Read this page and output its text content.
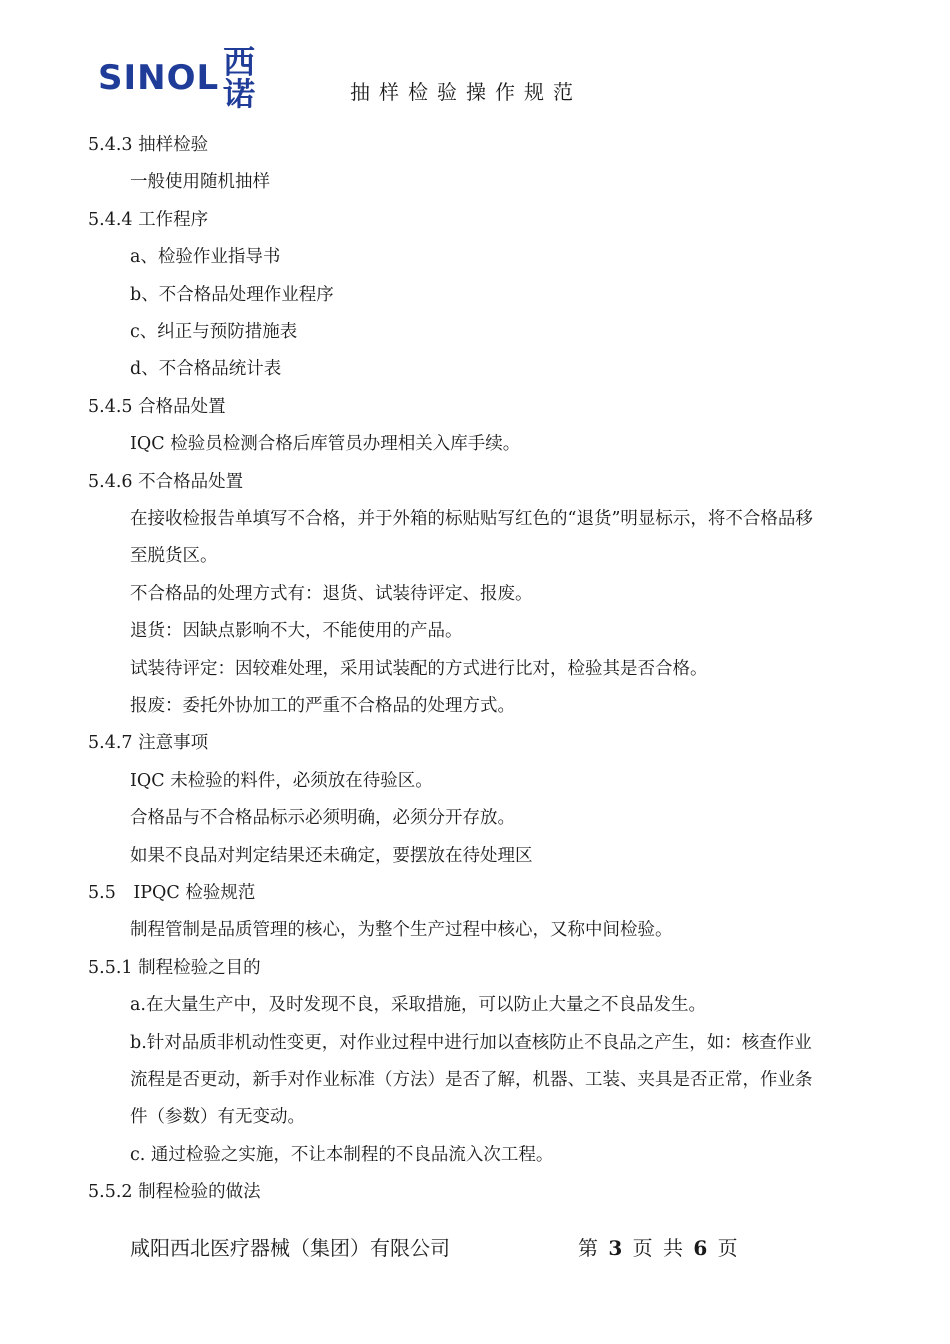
SINOL 西诺	抽样检验操作规范
5.4.3 抽样检验
一般使用随机抽样
5.4.4 工作程序
a、检验作业指导书
b、不合格品处理作业程序
c、纠正与预防措施表
d、不合格品统计表
5.4.5 合格品处置
IQC 检验员检测合格后库管员办理相关入库手续。
5.4.6 不合格品处置
在接收检报告单填写不合格，并于外箱的标贴贴写红色的“退货”明显标示，将不合格品移
至脱货区。
不合格品的处理方式有：退货、试装待评定、报废。
退货：因缺点影响不大，不能使用的产品。
试装待评定：因较难处理，采用试装配的方式进行比对，检验其是否合格。
报废：委托外协加工的严重不合格品的处理方式。
5.4.7 注意事项
IQC 未检验的料件，必须放在待验区。
合格品与不合格品标示必须明确，必须分开存放。
如果不良品对判定结果还未确定，要摆放在待处理区
5.5　IPQC 检验规范
制程管制是品质管理的核心，为整个生产过程中核心，又称中间检验。
5.5.1 制程检验之目的
a.在大量生产中，及时发现不良，采取措施，可以防止大量之不良品发生。
b.针对品质非机动性变更，对作业过程中进行加以查核防止不良品之产生，如：核查作业
流程是否更动，新手对作业标准（方法）是否了解，机器、工装、夹具是否正常，作业条
件（参数）有无变动。
c. 通过检验之实施，不让本制程的不良品流入次工程。
5.5.2 制程检验的做法
咸阳西北医疗器械（集团）有限公司	第 3 页 共 6 页
